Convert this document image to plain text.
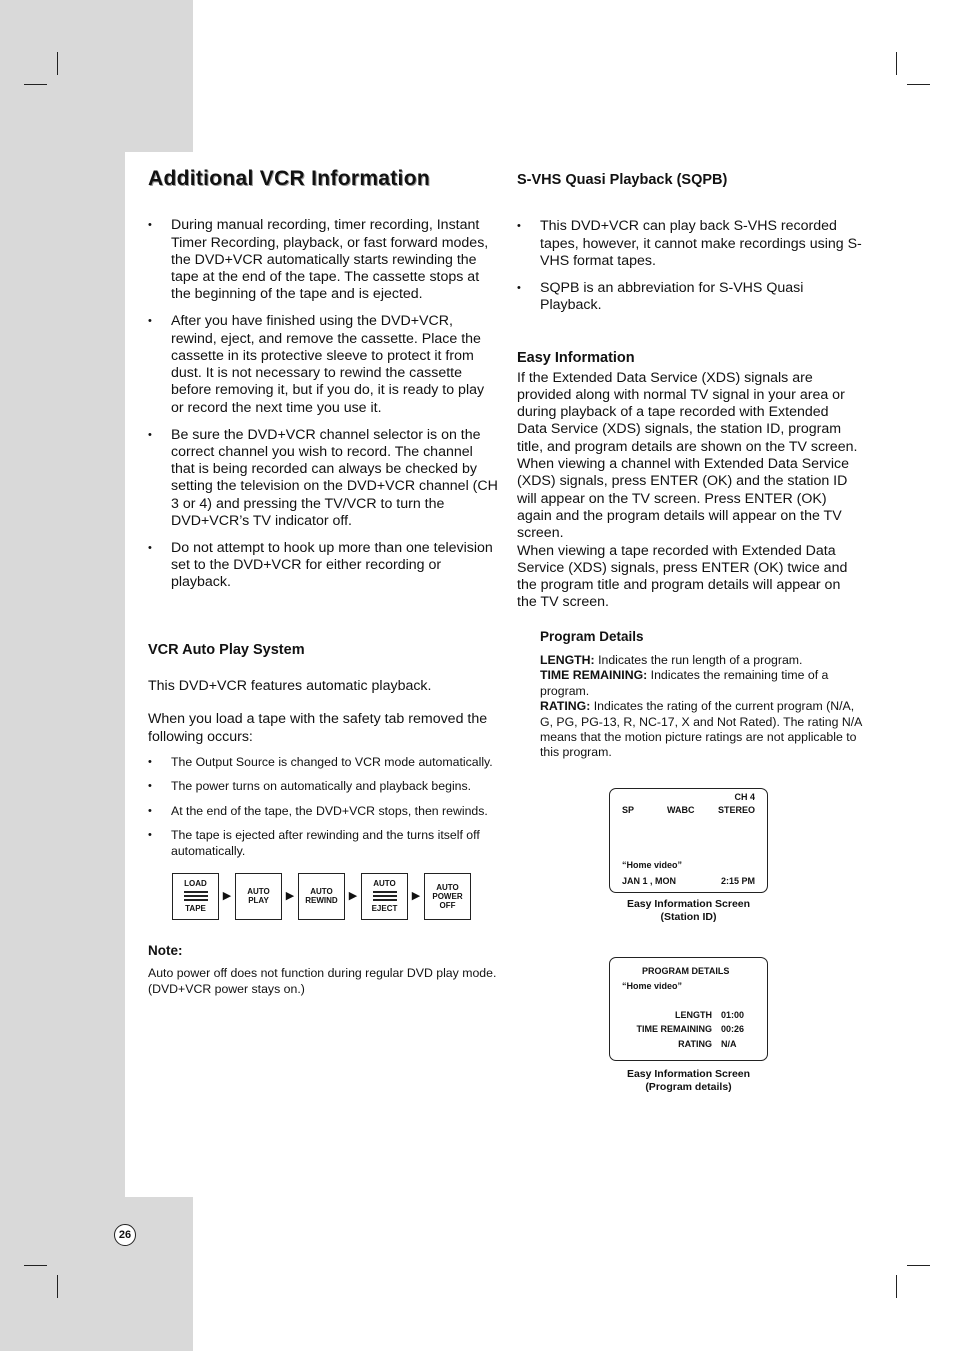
26
Additional VCR Information
• During manual recording, timer recording, Instant Timer Recording, playback, or fast forward modes, the DVD+VCR automatically starts rewinding the tape at the end of the tape. The cassette stops at the beginning of the tape and is ejected.
• After you have finished using the DVD+VCR, rewind, eject, and remove the cassette. Place the cassette in its protective sleeve to protect it from dust. It is not necessary to rewind the cassette before removing it, but if you do, it is ready to play or record the next time you use it.
• Be sure the DVD+VCR channel selector is on the correct channel you wish to record. The channel that is being recorded can always be checked by setting the television on the DVD+VCR channel (CH 3 or 4) and pressing the TV/VCR to turn the DVD+VCR’s TV indicator off.
• Do not attempt to hook up more than one television set to the DVD+VCR for either recording or playback.
VCR Auto Play System

This DVD+VCR features automatic playback.

When you load a tape with the safety tab removed the following occurs:

• The Output Source is changed to VCR mode automatically.
• The power turns on automatically and playback begins.
• At the end of the tape, the DVD+VCR stops, then rewinds.
• The tape is ejected after rewinding and the turns itself off automatically.
LOAD
TAPE
▶	AUTO
PLAY	▶	AUTO
REWIND	▶
AUTO
EJECT
▶
AUTO
POWER
OFF
Note:
Auto power off does not function during regular DVD play mode. (DVD+VCR power stays on.)
S-VHS Quasi Playback (SQPB)
• This DVD+VCR can play back S-VHS recorded tapes, however, it cannot make recordings using S-VHS format tapes.
• SQPB is an abbreviation for S-VHS Quasi Playback.
Easy Information

If the Extended Data Service (XDS) signals are provided along with normal TV signal in your area or during playback of a tape recorded with Extended Data Service (XDS) signals, the station ID, program title, and program details are shown on the TV screen. When viewing a channel with Extended Data Service (XDS) signals, press ENTER (OK) and the station ID will appear on the TV screen. Press ENTER (OK) again and the program details will appear on the TV screen.

When viewing a tape recorded with Extended Data Service (XDS) signals, press ENTER (OK) twice and the program title and program details will appear on the TV screen.

Program Details
LENGTH: Indicates the run length of a program.
TIME REMAINING: Indicates the remaining time of a program.
RATING: Indicates the rating of the current program (N/A, G, PG, PG-13, R, NC-17, X and Not Rated). The rating N/A means that the motion picture ratings are not applicable to this program.
CH 4
SP	WABC	STEREO
“Home video”
JAN 1 , MON	2:15 PM
Easy Information Screen
(Station ID)
PROGRAM DETAILS
“Home video”
LENGTH 01:00
TIME REMAINING 00:26
RATING N/A
Easy Information Screen
(Program details)
